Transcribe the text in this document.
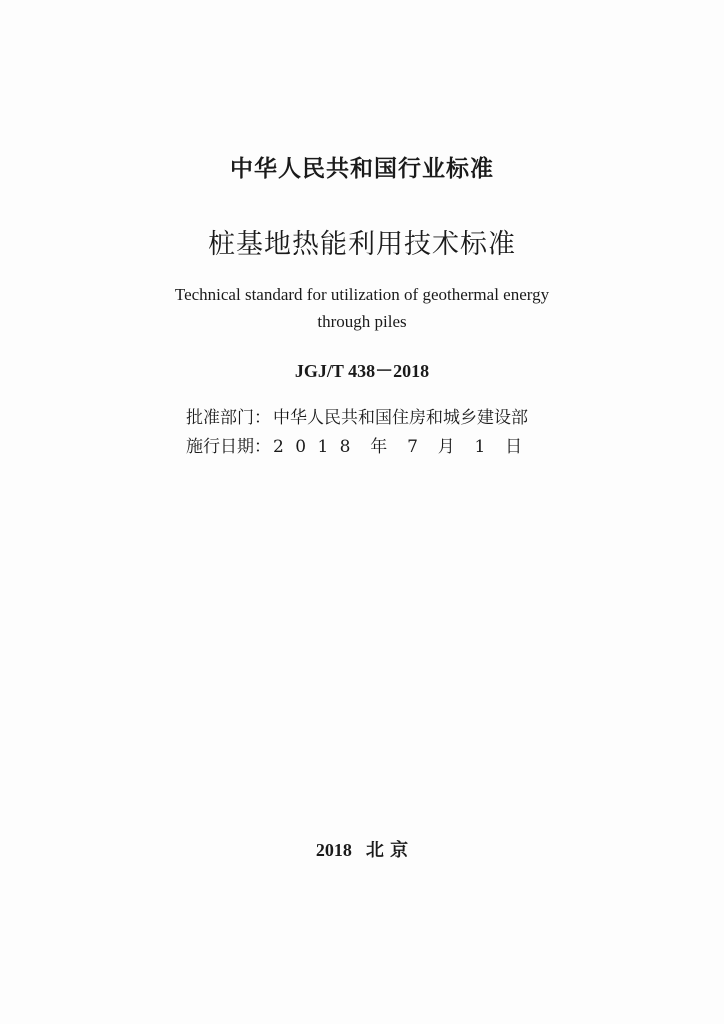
中华人民共和国行业标准
桩基地热能利用技术标准
Technical standard for utilization of geothermal energy
through piles
JGJ/T 438－2018
批准部门： 中华人民共和国住房和城乡建设部
施行日期： 2 0 1 8  年  7  月  1  日
2018 北 京
